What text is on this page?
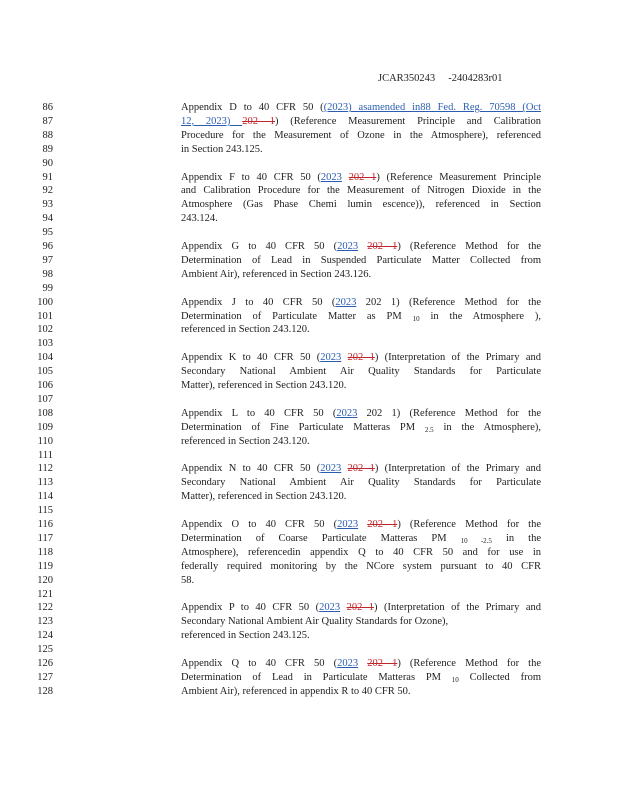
JCAR350243     -2404283r01
86	Appendix D to 40 CFR 50 ((2023) asamended in88 Fed. Reg. 70598 (Oct
87	12, 2023) 202 1) (Reference Measurement Principle and Calibration
88	Procedure for the Measurement of Ozone in the Atmosphere), referenced
89	in Section 243.125.
90
91	Appendix F to 40 CFR 50 (2023 202 1) (Reference Measurement Principle
92	and Calibration Procedure for the Measurement of Nitrogen Dioxide in the
93	Atmosphere (Gas Phase Chemi lumin escence)), referenced in Section
94	243.124.
95
96	Appendix G to 40 CFR 50 (2023 202 1) (Reference Method for the
97	Determination of Lead in Suspended Particulate Matter Collected from
98	Ambient Air), referenced in Section 243.126.
99
100	Appendix J to 40 CFR 50 (2023 202 1) (Reference Method for the
101	Determination of Particulate Matter as PM $_{10}$ in the Atmosphere ),
102	referenced in Section 243.120.
103
104	Appendix K to 40 CFR 50 (2023 202 1) (Interpretation of the Primary and
105	Secondary National Ambient Air Quality Standards for Particulate
106	Matter), referenced in Section 243.120.
107
108	Appendix L to 40 CFR 50 (2023 202 1) (Reference Method for the
109	Determination of Fine Particulate Matteras PM $_{2.5}$ in the Atmosphere),
110	referenced in Section 243.120.
111
112	Appendix N to 40 CFR 50 (2023 202 1) (Interpretation of the Primary and
113	Secondary National Ambient Air Quality Standards for Particulate
114	Matter), referenced in Section 243.120.
115
116	Appendix O to 40 CFR 50 (2023 202 1) (Reference Method for the
117	Determination of Coarse Particulate Matteras PM $_{10 -2.5}$ in the
118	Atmosphere), referencedin appendix Q to 40 CFR 50 and for use in
119	federally required monitoring by the NCore system pursuant to 40 CFR
120	58.
121
122	Appendix P to 40 CFR 50 (2023 202 1) (Interpretation of the Primary and
123	Secondary National Ambient Air Quality Standards for Ozone),
124	referenced in Section 243.125.
125
126	Appendix Q to 40 CFR 50 (2023 202 1) (Reference Method for the
127	Determination of Lead in Particulate Matteras PM $_{10}$ Collected from
128	Ambient Air), referenced in appendix R to 40 CFR 50.
